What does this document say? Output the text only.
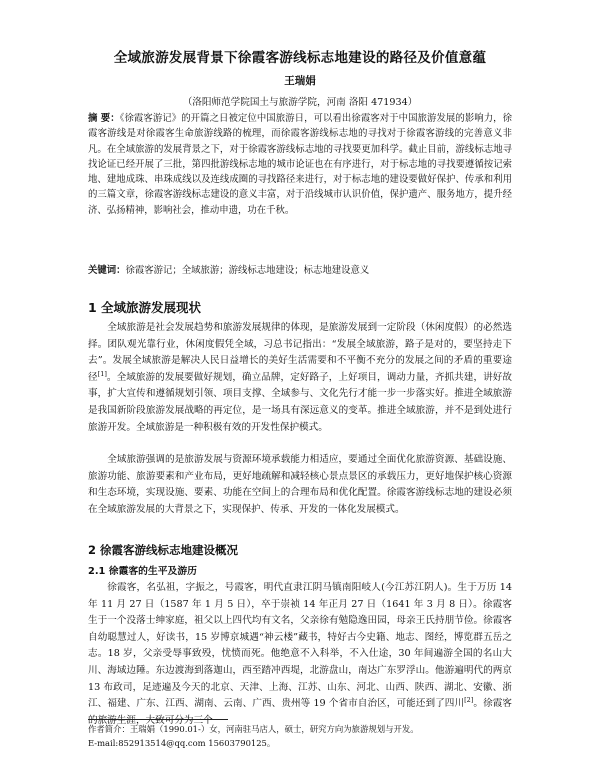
全域旅游发展背景下徐霞客游线标志地建设的路径及价值意蕴
王瑞娟
（洛阳师范学院国土与旅游学院，河南 洛阳 471934）
摘 要：《徐霞客游记》的开篇之日被定位中国旅游日，可以看出徐霞客对于中国旅游发展的影响力，徐霞客游线是对徐霞客生命旅游线路的梳理，而徐霞客游线标志地的寻找对于徐霞客游线的完善意义非凡。在全域旅游的发展背景之下，对于徐霞客游线标志地的寻找要更加科学。截止目前，游线标志地寻找论证已经开展了三批，第四批游线标志地的城市论证也在有序进行，对于标志地的寻找要遵循按记索地、建地成珠、串珠成线以及连线成圈的寻找路径来进行，对于标志地的建设要做好保护、传承和利用的三篇文章，徐霞客游线标志建设的意义丰富，对于沿线城市认识价值，保护遗产、服务地方，提升经济、弘扬精神，影响社会，推动申遗，功在千秋。
关键词：徐霞客游记；全域旅游；游线标志地建设；标志地建设意义
1 全域旅游发展现状
全域旅游是社会发展趋势和旅游发展规律的体现，是旅游发展到一定阶段（休闲度假）的必然选择。团队观光靠行业，休闲度假凭全域，习总书记指出：“发展全域旅游，路子是对的，要坚持走下去”。发展全域旅游是解决人民日益增长的美好生活需要和不平衡不充分的发展之间的矛盾的重要途径[1]。全域旅游的发展要做好规划，确立品牌，定好路子，上好项目，调动力量，齐抓共建，讲好故事，扩大宣传和遵循规划引领、项目支撑、全域参与、文化先行才能一步一步落实好。推进全域旅游是我国新阶段旅游发展战略的再定位，是一场具有深远意义的变革。推进全域旅游，并不是到处进行旅游开发。全域旅游是一种积极有效的开发性保护模式。
全域旅游强调的是旅游发展与资源环境承载能力相适应，要通过全面优化旅游资源、基础设施、旅游功能、旅游要素和产业布局，更好地疏解和减轻核心景点景区的承载压力，更好地保护核心资源和生态环境，实现设施、要素、功能在空间上的合理布局和优化配置。徐霞客游线标志地的建设必须在全域旅游发展的大背景之下，实现保护、传承、开发的一体化发展模式。
2 徐霞客游线标志地建设概况
2.1 徐霞客的生平及游历
徐霞客，名弘祖，字振之，号霞客，明代直隶江阴马镇南阳岐人(今江苏江阴人)。生于万历 14 年 11 月 27 日（1587 年 1 月 5 日），卒于崇祯 14 年正月 27 日（1641 年 3 月 8 日）。徐霞客生于一个没落士绅家庭，祖父以上四代均有文名，父亲徐有勉隐逸田园，母亲王氏持朋节俭。徐霞客自幼聪慧过人，好读书，15 岁博京城遇“神云楼”藏书，特好古今史籍、地志、图经，博览群五岳之志。18 岁，父亲受辱事致殁，忧愤而死。他绝意不入科举，不入仕途，30 年间遍游全国的名山大川、海域边陲。东边渡海到落迦山，西至踏冲西堤，北游盘山，南达广东罗浮山。他游遍明代的两京 13 布政司，足迹遍及今天的北京、天津、上海、江苏、山东、河北、山西、陕西、湖北、安徽、浙江、福建、广东、江西、湖南、云南、广西、贵州等 19 个省市自治区，可能还到了四川[2]。徐霞客的旅游生涯，大致可分为三个
作者简介：王瑞娟（1990.01-）女，河南驻马店人，硕士，研究方向为旅游规划与开发。
E-mail:852913514@qq.com 15603790125。
